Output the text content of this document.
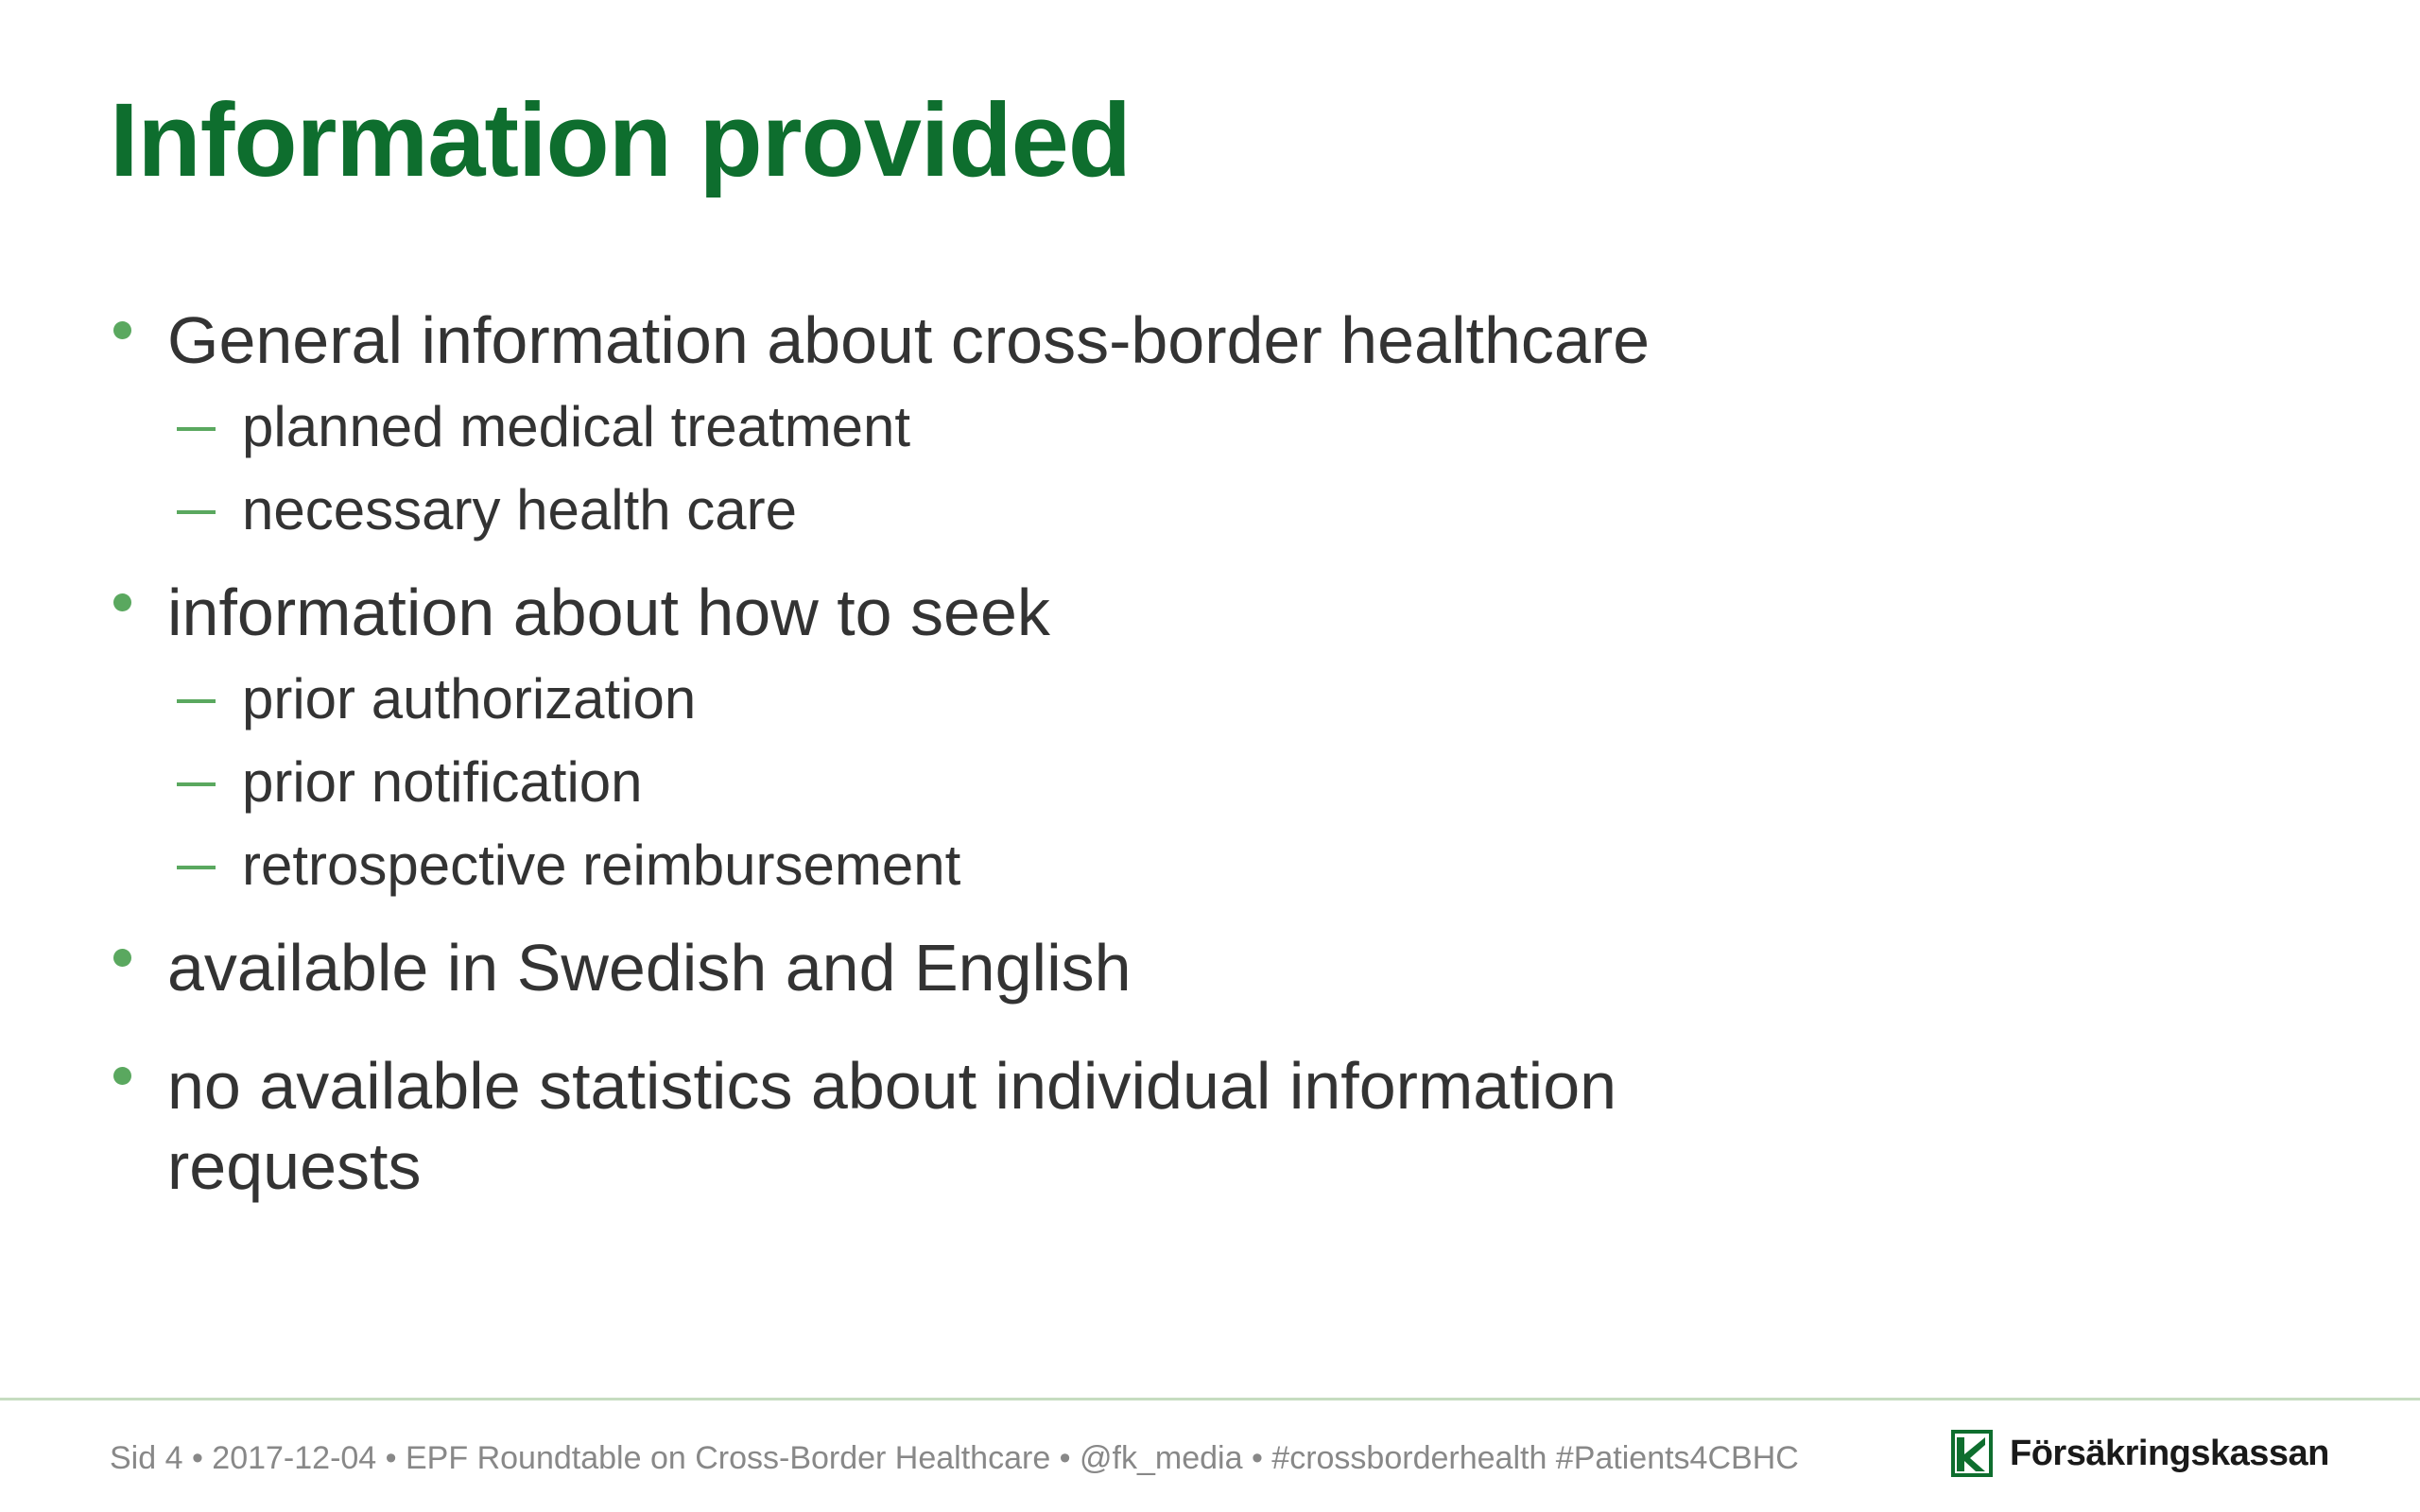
Information provided
General information about cross-border healthcare
planned medical treatment
necessary health care
information about how to seek
prior authorization
prior notification
retrospective reimbursement
available in Swedish and English
no available statistics about individual information
requests
Sid 4 • 2017-12-04 • EPF Roundtable on Cross-Border Healthcare • @fk_media • #crossborderhealth #Patients4CBHC	Försäkringskassan
